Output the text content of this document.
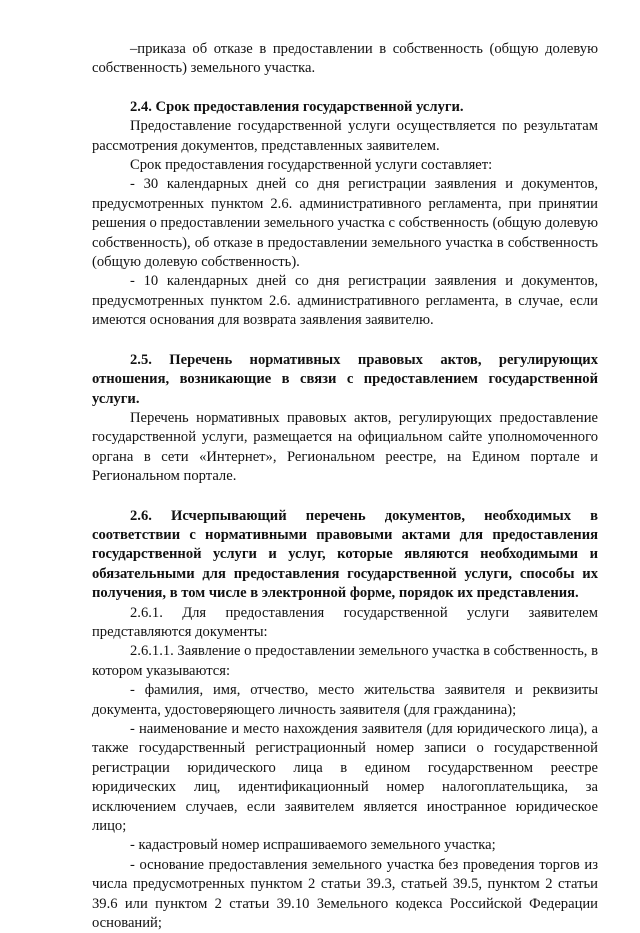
–приказа об отказе в предоставлении в собственность (общую долевую собственность) земельного участка.

2.4. Срок предоставления государственной услуги.

Предоставление государственной услуги осуществляется по результатам рассмотрения документов, представленных заявителем.

Срок предоставления государственной услуги составляет:

- 30 календарных дней со дня регистрации заявления и документов, предусмотренных пунктом 2.6. административного регламента, при принятии решения о предоставлении земельного участка с собственность (общую долевую собственность), об отказе в предоставлении земельного участка в собственность (общую долевую собственность).

- 10 календарных дней со дня регистрации заявления и документов, предусмотренных пунктом 2.6. административного регламента, в случае, если имеются основания для возврата заявления заявителю.

2.5. Перечень нормативных правовых актов, регулирующих отношения, возникающие в связи с предоставлением государственной услуги.

Перечень нормативных правовых актов, регулирующих предоставление государственной услуги, размещается на официальном сайте уполномоченного органа в сети «Интернет», Региональном реестре, на Едином портале и Региональном портале.

2.6. Исчерпывающий перечень документов, необходимых в соответствии с нормативными правовыми актами для предоставления государственной услуги и услуг, которые являются необходимыми и обязательными для предоставления государственной услуги, способы их получения, в том числе в электронной форме, порядок их представления.

2.6.1. Для предоставления государственной услуги заявителем представляются документы:

2.6.1.1. Заявление о предоставлении земельного участка в собственность, в котором указываются:

- фамилия, имя, отчество, место жительства заявителя и реквизиты документа, удостоверяющего личность заявителя (для гражданина);

- наименование и место нахождения заявителя (для юридического лица), а также государственный регистрационный номер записи о государственной регистрации юридического лица в едином государственном реестре юридических лиц, идентификационный номер налогоплательщика, за исключением случаев, если заявителем является иностранное юридическое лицо;

- кадастровый номер испрашиваемого земельного участка;

- основание предоставления земельного участка без проведения торгов из числа предусмотренных пунктом 2 статьи 39.3, статьей 39.5, пунктом 2 статьи 39.6 или пунктом 2 статьи 39.10 Земельного кодекса Российской Федерации оснований;
